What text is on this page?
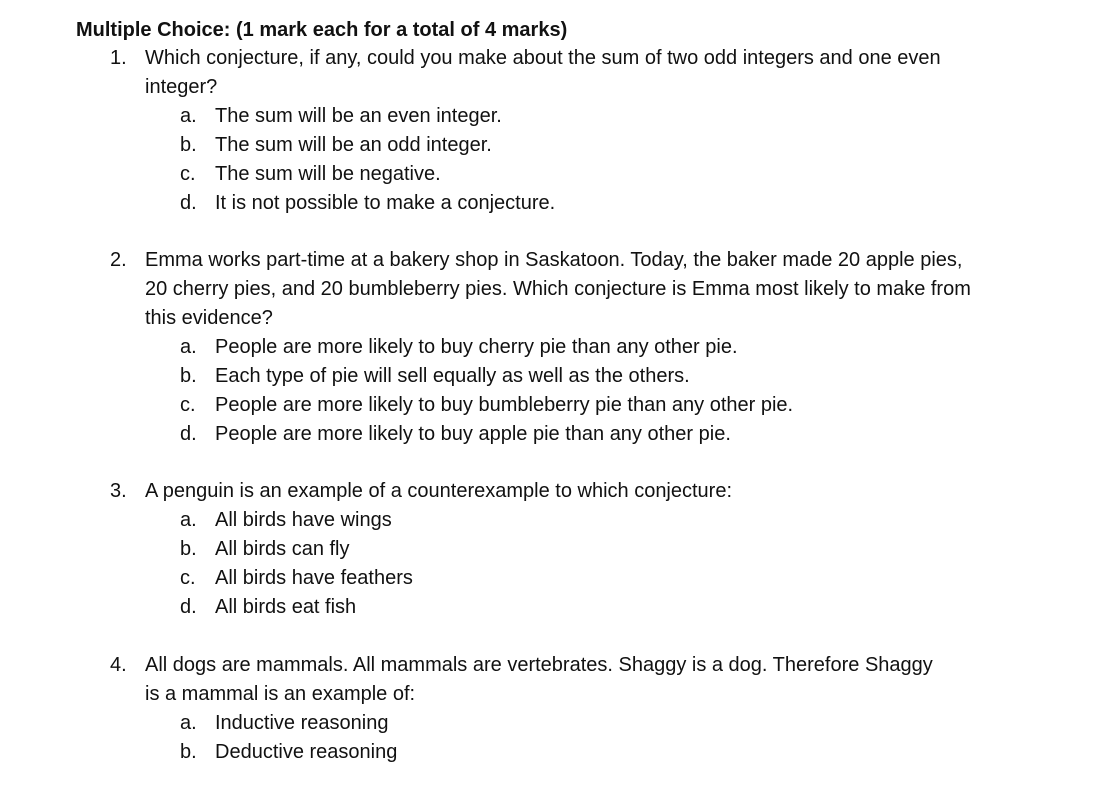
Multiple Choice: (1 mark each for a total of 4 marks)
1. Which conjecture, if any, could you make about the sum of two odd integers and one even integer?
a. The sum will be an even integer.
b. The sum will be an odd integer.
c. The sum will be negative.
d. It is not possible to make a conjecture.
2. Emma works part-time at a bakery shop in Saskatoon. Today, the baker made 20 apple pies, 20 cherry pies, and 20 bumbleberry pies. Which conjecture is Emma most likely to make from this evidence?
a. People are more likely to buy cherry pie than any other pie.
b. Each type of pie will sell equally as well as the others.
c. People are more likely to buy bumbleberry pie than any other pie.
d. People are more likely to buy apple pie than any other pie.
3. A penguin is an example of a counterexample to which conjecture:
a. All birds have wings
b. All birds can fly
c. All birds have feathers
d. All birds eat fish
4. All dogs are mammals. All mammals are vertebrates. Shaggy is a dog. Therefore Shaggy is a mammal is an example of:
a. Inductive reasoning
b. Deductive reasoning
